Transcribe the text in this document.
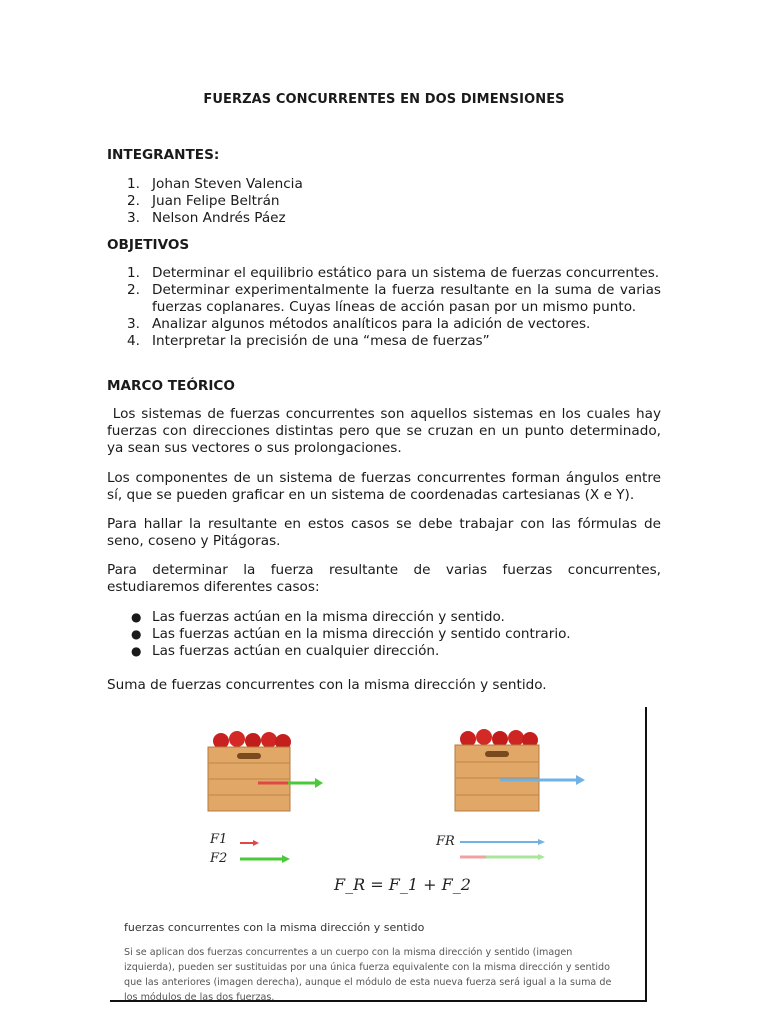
FUERZAS CONCURRENTES EN DOS DIMENSIONES
INTEGRANTES:
1. Johan Steven Valencia
2. Juan Felipe Beltrán
3. Nelson Andrés Páez
OBJETIVOS
1. Determinar el equilibrio estático para un sistema de fuerzas concurrentes.
2. Determinar experimentalmente la fuerza resultante en la suma de varias fuerzas coplanares. Cuyas líneas de acción pasan por un mismo punto.
3. Analizar algunos métodos analíticos para la adición de vectores.
4. Interpretar la precisión de una “mesa de fuerzas”
MARCO TEÓRICO
Los sistemas de fuerzas concurrentes son aquellos sistemas en los cuales hay fuerzas con direcciones distintas pero que se cruzan en un punto determinado, ya sean sus vectores o sus prolongaciones.
Los componentes de un sistema de fuerzas concurrentes forman ángulos entre sí, que se pueden graficar en un sistema de coordenadas cartesianas (X e Y).
Para hallar la resultante en estos casos se debe trabajar con las fórmulas de seno, coseno y Pitágoras.
Para determinar la fuerza resultante de varias fuerzas concurrentes, estudiaremos diferentes casos:
● Las fuerzas actúan en la misma dirección y sentido.
● Las fuerzas actúan en la misma dirección y sentido contrario.
● Las fuerzas actúan en cualquier dirección.
Suma de fuerzas concurrentes con la misma dirección y sentido.
F1
F2
FR
F_R = F_1 + F_2
fuerzas concurrentes con la misma dirección y sentido
Si se aplican dos fuerzas concurrentes a un cuerpo con la misma dirección y sentido (imagen izquierda), pueden ser sustituidas por una única fuerza equivalente con la misma dirección y sentido que las anteriores (imagen derecha), aunque el módulo de esta nueva fuerza será igual a la suma de los módulos de las dos fuerzas.
